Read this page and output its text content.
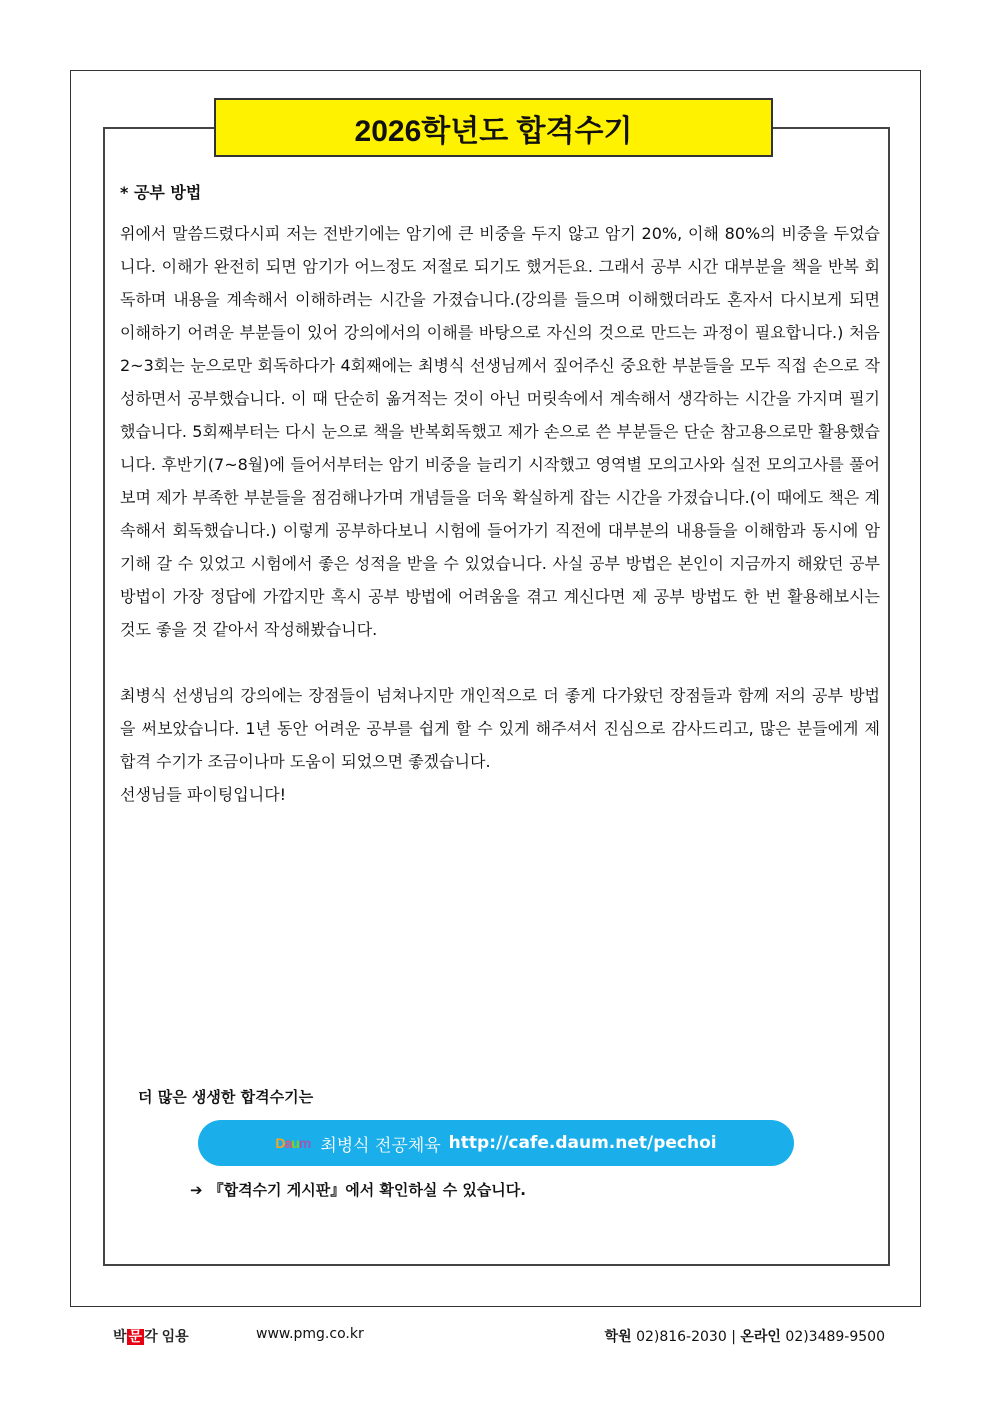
2026학년도 합격수기
* 공부 방법

위에서 말씀드렸다시피 저는 전반기에는 암기에 큰 비중을 두지 않고 암기 20%, 이해 80%의 비중을 두었습니다. 이해가 완전히 되면 암기가 어느정도 저절로 되기도 했거든요. 그래서 공부 시간 대부분을 책을 반복 회독하며 내용을 계속해서 이해하려는 시간을 가졌습니다.(강의를 들으며 이해했더라도 혼자서 다시보게 되면 이해하기 어려운 부분들이 있어 강의에서의 이해를 바탕으로 자신의 것으로 만드는 과정이 필요합니다.) 처음 2~3회는 눈으로만 회독하다가 4회째에는 최병식 선생님께서 짚어주신 중요한 부분들을 모두 직접 손으로 작성하면서 공부했습니다. 이 때 단순히 옮겨적는 것이 아닌 머릿속에서 계속해서 생각하는 시간을 가지며 필기했습니다. 5회째부터는 다시 눈으로 책을 반복회독했고 제가 손으로 쓴 부분들은 단순 참고용으로만 활용했습니다. 후반기(7~8월)에 들어서부터는 암기 비중을 늘리기 시작했고 영역별 모의고사와 실전 모의고사를 풀어보며 제가 부족한 부분들을 점검해나가며 개념들을 더욱 확실하게 잡는 시간을 가졌습니다.(이 때에도 책은 계속해서 회독했습니다.) 이렇게 공부하다보니 시험에 들어가기 직전에 대부분의 내용들을 이해함과 동시에 암기해 갈 수 있었고 시험에서 좋은 성적을 받을 수 있었습니다. 사실 공부 방법은 본인이 지금까지 해왔던 공부 방법이 가장 정답에 가깝지만 혹시 공부 방법에 어려움을 겪고 계신다면 제 공부 방법도 한 번 활용해보시는 것도 좋을 것 같아서 작성해봤습니다.

최병식 선생님의 강의에는 장점들이 넘쳐나지만 개인적으로 더 좋게 다가왔던 장점들과 함께 저의 공부 방법을 써보았습니다. 1년 동안 어려운 공부를 쉽게 할 수 있게 해주셔서 진심으로 감사드리고, 많은 분들에게 제 합격 수기가 조금이나마 도움이 되었으면 좋겠습니다.

선생님들 파이팅입니다!

더 많은 생생한 합격수기는
Daum 최병식 전공체육 http://cafe.daum.net/pechoi
➔ 『합격수기 게시판』에서 확인하실 수 있습니다.
박 문 각 임용	www.pmg.co.kr	학원 02)816-2030 | 온라인 02)3489-9500
